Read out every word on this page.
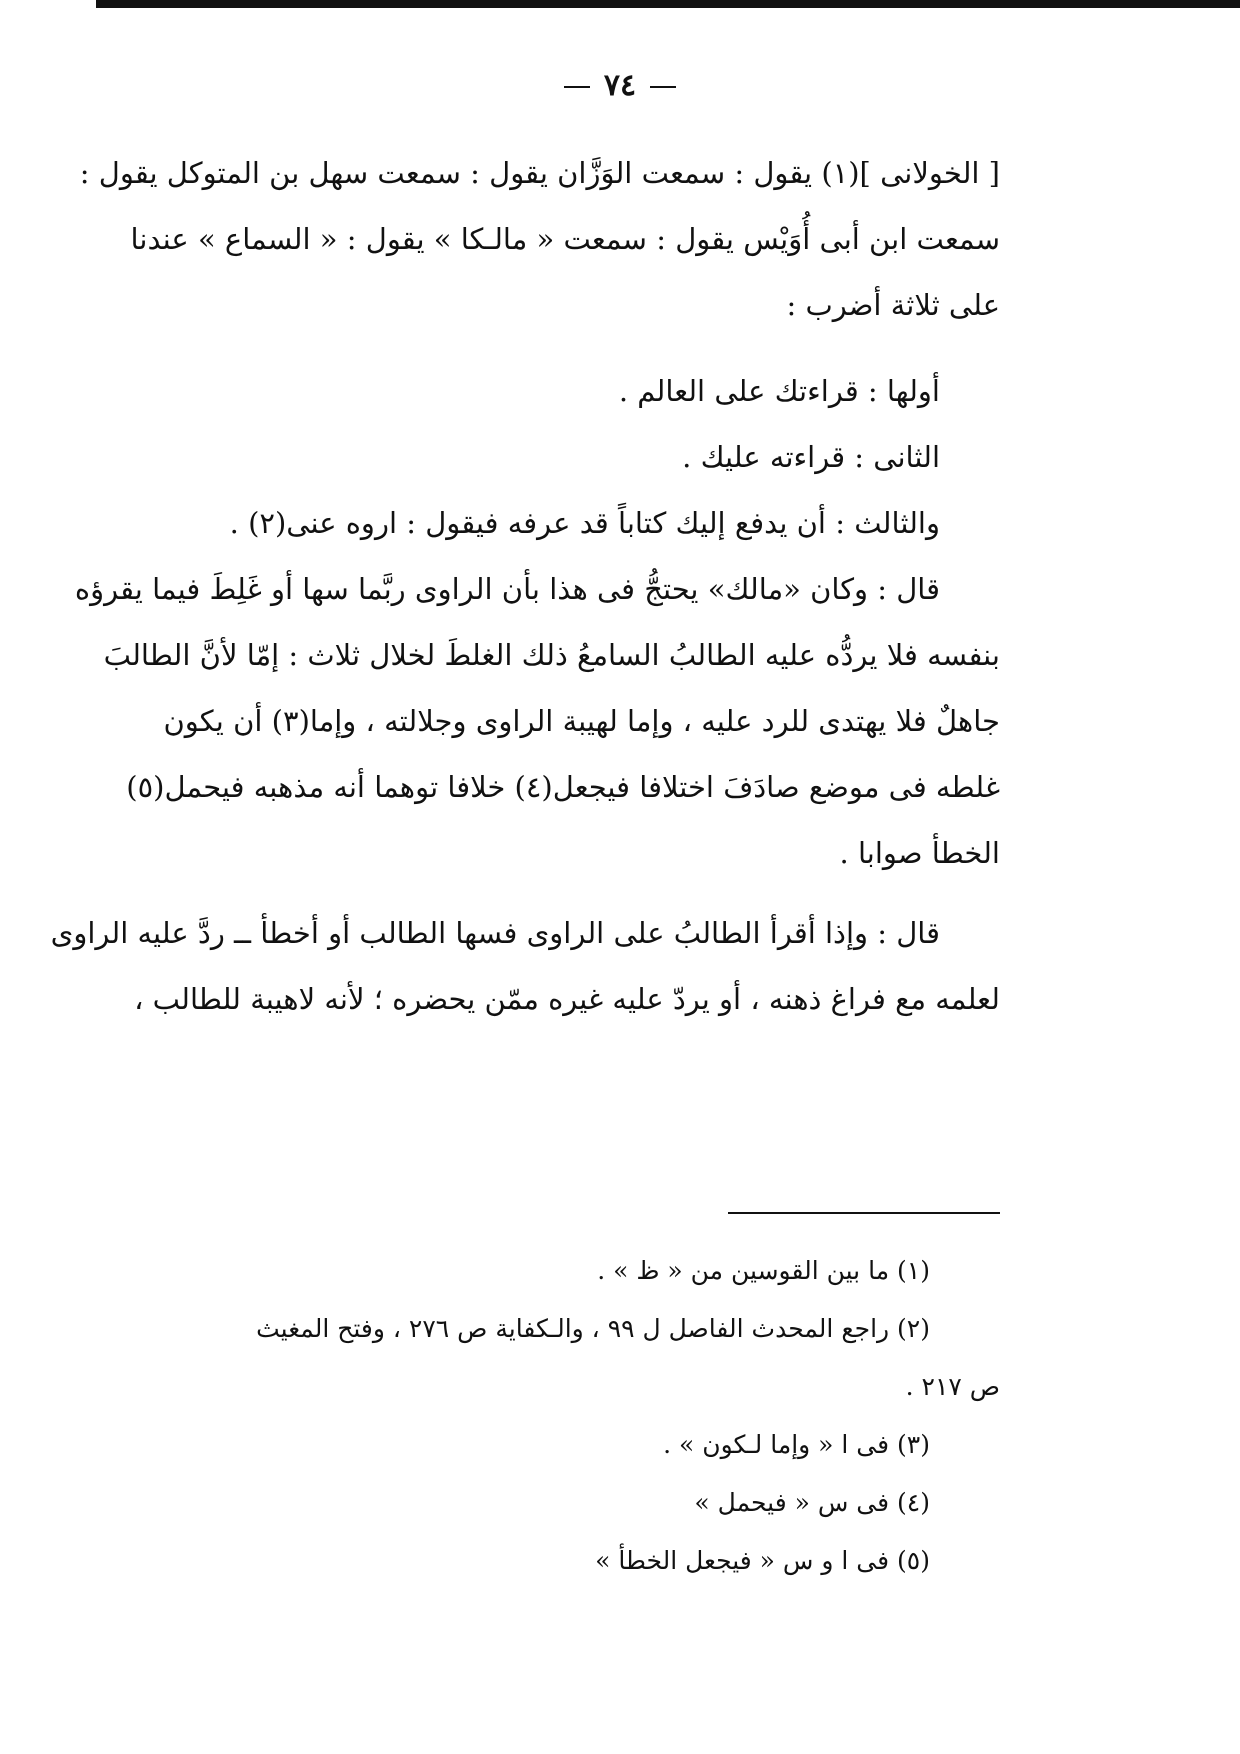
٧٤
[ الخولانى ](١) يقول : سمعت الوَزَّان يقول : سمعت سهل بن المتوكل يقول :
سمعت ابن أبى أُوَيْس يقول : سمعت « مالـكا » يقول : « السماع » عندنا
على ثلاثة أضرب :
أولها : قراءتك على العالم .
الثانى : قراءته عليك .
والثالث : أن يدفع إليك كتاباً قد عرفه فيقول : اروه عنى(٢) .
قال : وكان «مالك» يحتجُّ فى هذا بأن الراوى ربَّما سها أو غَلِطَ فيما يقرؤه
بنفسه فلا يردُّه عليه الطالبُ السامعُ ذلك الغلطَ لخلال ثلاث : إمّا لأنَّ الطالبَ
جاهلٌ فلا يهتدى للرد عليه ، وإما لهيبة الراوى وجلالته ، وإما(٣) أن يكون
غلطه فى موضع صادَفَ اختلافا فيجعل(٤) خلافا توهما أنه مذهبه فيحمل(٥)
الخطأ صوابا .
قال : وإذا أقرأ الطالبُ على الراوى فسها الطالب أو أخطأ ــ ردَّ عليه الراوى
لعلمه مع فراغ ذهنه ، أو يردّ عليه غيره ممّن يحضره ؛ لأنه لاهيبة للطالب ،
(١) ما بين القوسين من « ظ » .
(٢) راجع المحدث الفاصل ل ٩٩ ، والـكفاية ص ٢٧٦ ، وفتح المغيث
ص ٢١٧ .
(٣) فى ا « وإما لـكون » .
(٤) فى س « فيحمل »
(٥) فى ا و س « فيجعل الخطأ »
